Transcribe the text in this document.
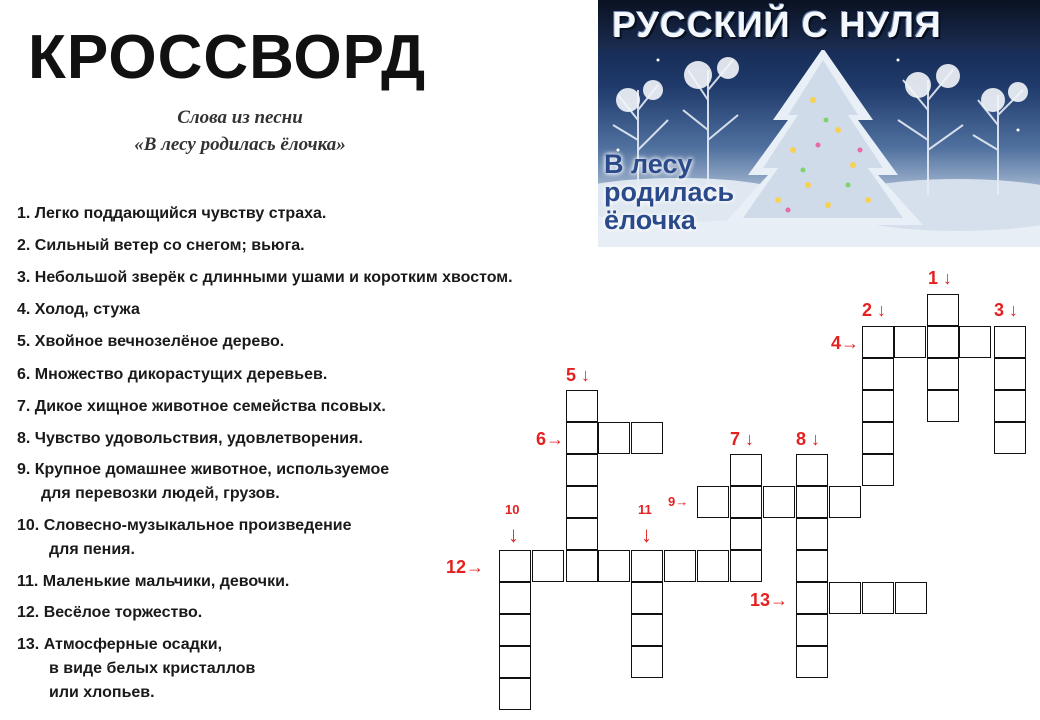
КРОССВОРД
Слова из песни
«В лесу родилась ёлочка»
РУССКИЙ С НУЛЯ
В лесу
родилась
ёлочка
1. Легко поддающийся чувству страха.
2. Сильный ветер со снегом; вьюга.
3. Небольшой зверёк с длинными ушами и коротким хвостом.
4. Холод, стужа
5. Хвойное вечнозелёное дерево.
6. Множество дикорастущих деревьев.
7. Дикое хищное животное семейства псовых.
8. Чувство удовольствия, удовлетворения.
9. Крупное домашнее животное, используемое
для перевозки людей, грузов.
10. Словесно-музыкальное произведение
для пения.
11. Маленькие мальчики, девочки.
12. Весёлое торжество.
13. Атмосферные осадки,
в виде белых кристаллов
или хлопьев.
1 ↓
2 ↓	3 ↓
4→
5 ↓
6→	7 ↓ 8 ↓
9→
10
↓
11
↓
12→
13→
